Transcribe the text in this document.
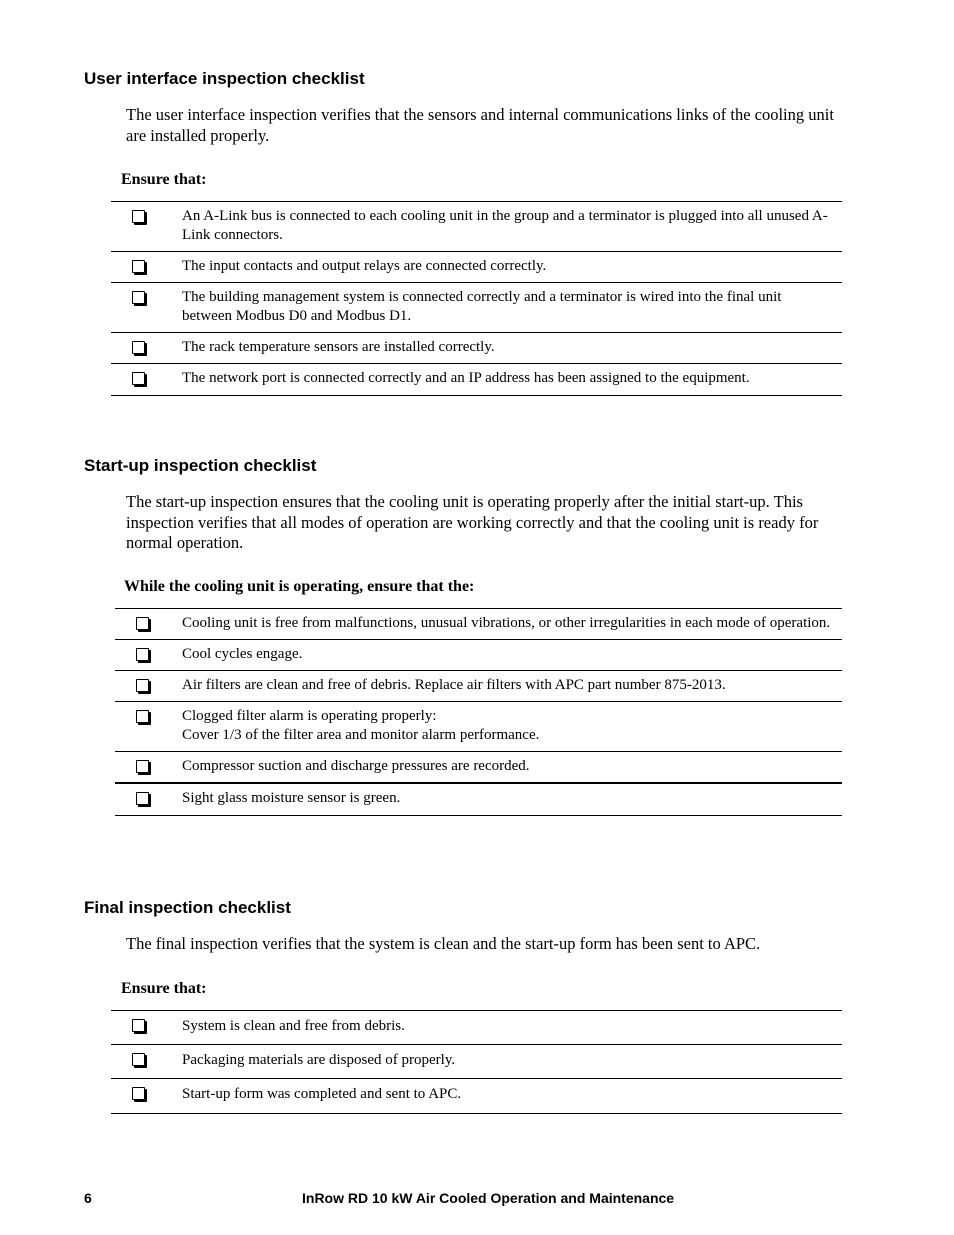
User interface inspection checklist

The user interface inspection verifies that the sensors and internal communications links of the cooling unit are installed properly.

Ensure that:

An A-Link bus is connected to each cooling unit in the group and a terminator is plugged into all unused A-Link connectors.
The input contacts and output relays are connected correctly.
The building management system is connected correctly and a terminator is wired into the final unit between Modbus D0 and Modbus D1.
The rack temperature sensors are installed correctly.
The network port is connected correctly and an IP address has been assigned to the equipment.
Start-up inspection checklist

The start-up inspection ensures that the cooling unit is operating properly after the initial start-up. This inspection verifies that all modes of operation are working correctly and that the cooling unit is ready for normal operation.

While the cooling unit is operating, ensure that the:

Cooling unit is free from malfunctions, unusual vibrations, or other irregularities in each mode of operation.
Cool cycles engage.
Air filters are clean and free of debris. Replace air filters with APC part number 875-2013.
Clogged filter alarm is operating properly:
Cover 1/3 of the filter area and monitor alarm performance.
Compressor suction and discharge pressures are recorded.
Sight glass moisture sensor is green.
Final inspection checklist

The final inspection verifies that the system is clean and the start-up form has been sent to APC.

Ensure that:

System is clean and free from debris.
Packaging materials are disposed of properly.
Start-up form was completed and sent to APC.
6	InRow RD 10 kW Air Cooled Operation and Maintenance
